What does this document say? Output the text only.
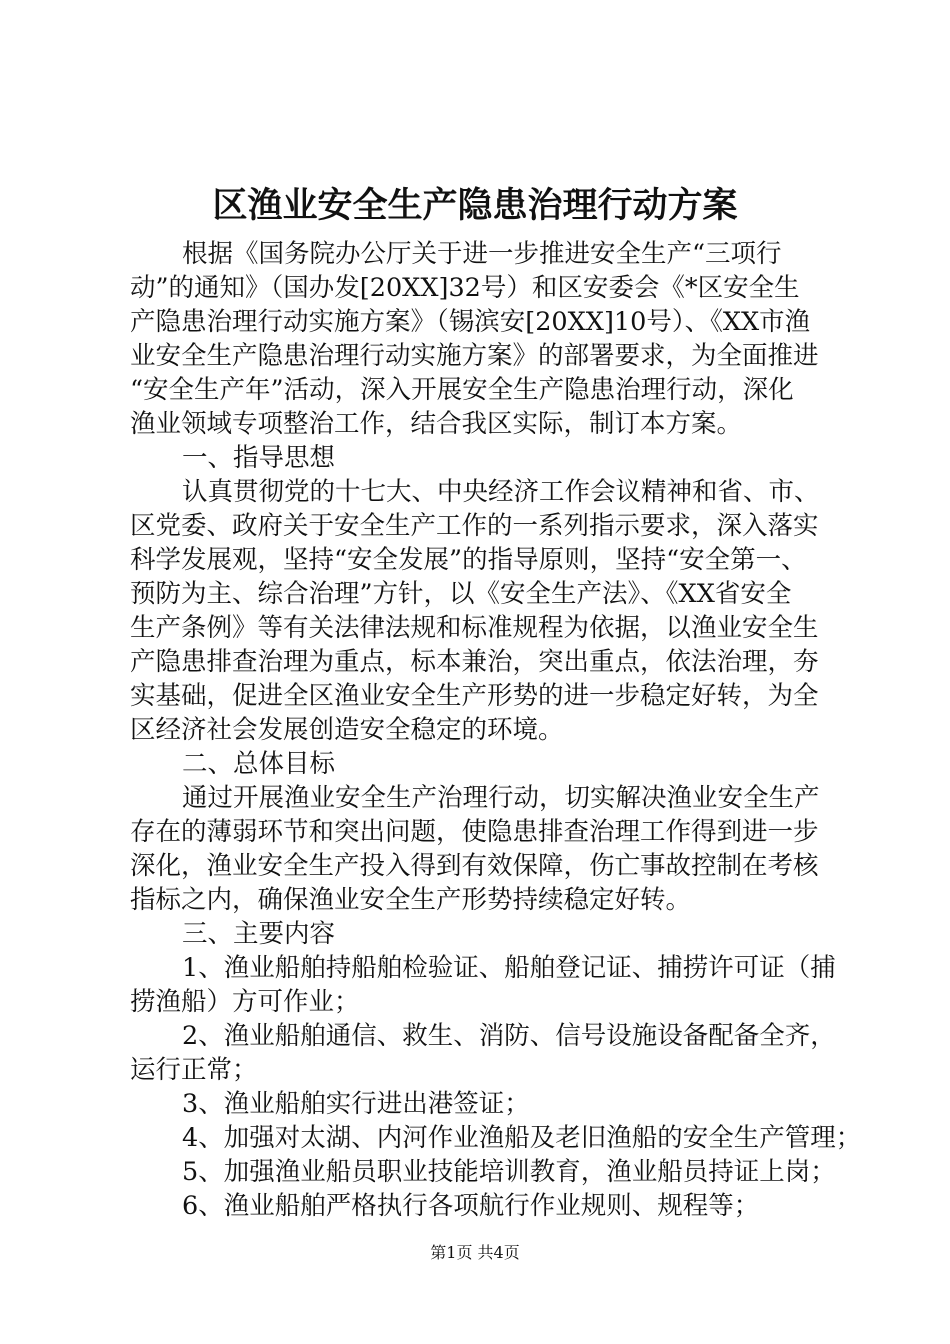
区渔业安全生产隐患治理行动方案
根据《国务院办公厅关于进一步推进安全生产“三项行
动”的通知》（国办发[20XX]32号）和区安委会《*区安全生
产隐患治理行动实施方案》（锡滨安[20XX]10号）、《XX市渔
业安全生产隐患治理行动实施方案》的部署要求，为全面推进
“安全生产年”活动，深入开展安全生产隐患治理行动，深化
渔业领域专项整治工作，结合我区实际，制订本方案。
一、指导思想
认真贯彻党的十七大、中央经济工作会议精神和省、市、
区党委、政府关于安全生产工作的一系列指示要求，深入落实
科学发展观，坚持“安全发展”的指导原则，坚持“安全第一、
预防为主、综合治理”方针，以《安全生产法》、《XX省安全
生产条例》等有关法律法规和标准规程为依据，以渔业安全生
产隐患排查治理为重点，标本兼治，突出重点，依法治理，夯
实基础，促进全区渔业安全生产形势的进一步稳定好转，为全
区经济社会发展创造安全稳定的环境。
二、总体目标
通过开展渔业安全生产治理行动，切实解决渔业安全生产
存在的薄弱环节和突出问题，使隐患排查治理工作得到进一步
深化，渔业安全生产投入得到有效保障，伤亡事故控制在考核
指标之内，确保渔业安全生产形势持续稳定好转。
三、主要内容
1、渔业船舶持船舶检验证、船舶登记证、捕捞许可证（捕
捞渔船）方可作业；
2、渔业船舶通信、救生、消防、信号设施设备配备全齐，
运行正常；
3、渔业船舶实行进出港签证；
4、加强对太湖、内河作业渔船及老旧渔船的安全生产管理；
5、加强渔业船员职业技能培训教育，渔业船员持证上岗；
6、渔业船舶严格执行各项航行作业规则、规程等；
第1页 共4页
